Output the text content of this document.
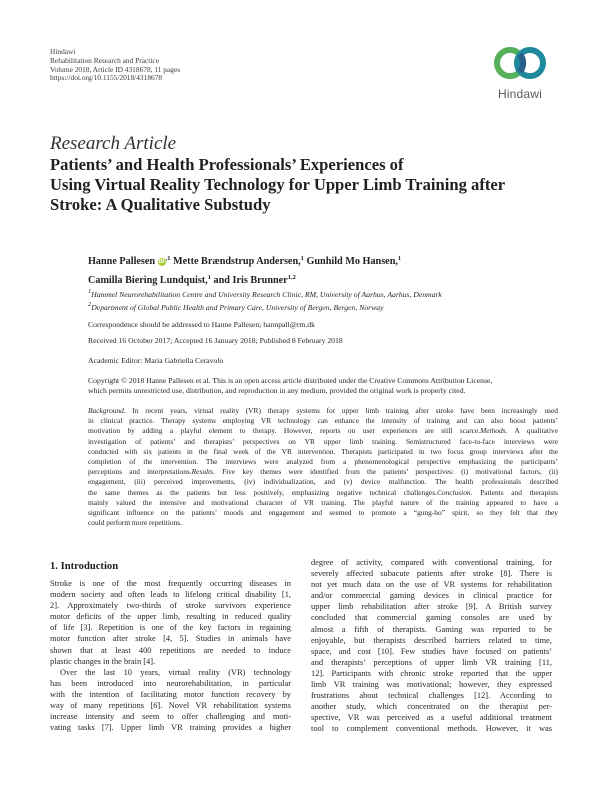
Hindawi
Rehabilitation Research and Practice
Volume 2018, Article ID 4318678, 11 pages
https://doi.org/10.1155/2018/4318678
Hindawi
Research Article
Patients’ and Health Professionals’ Experiences of
Using Virtual Reality Technology for Upper Limb Training after
Stroke: A Qualitative Substudy
Hanne Pallesen $iD^{,1}$ Mette Brændstrup Andersen,$^1$ Gunhild Mo Hansen,$^1$
Camilla Biering Lundquist,$^1$ and Iris Brunner$^{1,2}$
$^1$Hammel Neurorehabilitation Centre and University Research Clinic, RM, University of Aarhus, Aarhus, Denmark
$^2$Department of Global Public Health and Primary Care, University of Bergen, Bergen, Norway
Correspondence should be addressed to Hanne Pallesen; hannpall@rm.dk
Received 16 October 2017; Accepted 16 January 2018; Published 8 February 2018
Academic Editor: Maria Gabriella Ceravolo
Copyright © 2018 Hanne Pallesen et al. This is an open access article distributed under the Creative Commons Attribution License,
which permits unrestricted use, distribution, and reproduction in any medium, provided the original work is properly cited.
Background. In recent years, virtual reality (VR) therapy systems for upper limb training after stroke have been increasingly used
in clinical practice. Therapy systems employing VR technology can enhance the intensity of training and can also boost patients’
motivation by adding a playful element to therapy. However, reports on user experiences are still scarce.Methods. A qualitative
investigation of patients’ and therapists’ perspectives on VR upper limb training. Semistructured face-to-face interviews were
conducted with six patients in the final week of the VR intervention. Therapists participated in two focus group interviews after the
completion of the intervention. The interviews were analyzed from a phenomenological perspective emphasizing the participants’
perceptions and interpretations.Results. Five key themes were identified from the patients’ perspectives: (i) motivational factors, (ii)
engagement, (iii) perceived improvements, (iv) individualization, and (v) device malfunction. The health professionals described
the same themes as the patients but less positively, emphasizing negative technical challenges.Conclusion. Patients and therapists
mainly valued the intensive and motivational character of VR training. The playful nature of the training appeared to have a
significant influence on the patients’ moods and engagement and seemed to promote a “gung-ho” spirit, so they felt that they
could perform more repetitions.
1. Introduction
Stroke is one of the most frequently occurring diseases in
modern society and often leads to lifelong critical disability [1,
2]. Approximately two-thirds of stroke survivors experience
motor deficits of the upper limb, resulting in reduced quality
of life [3]. Repetition is one of the key factors in regaining
motor function after stroke [4, 5]. Studies in animals have
shown that at least 400 repetitions are needed to induce
plastic changes in the brain [4].
Over the last 10 years, virtual reality (VR) technology
has been introduced into neurorehabilitation, in particular
with the intention of facilitating motor function recovery by
way of many repetitions [6]. Novel VR rehabilitation systems
increase intensity and seem to offer challenging and moti-
vating tasks [7]. Upper limb VR training provides a higher
degree of activity, compared with conventional training, for
severely affected subacute patients after stroke [8]. There is
not yet much data on the use of VR systems for rehabilitation
and/or commercial gaming devices in clinical practice for
upper limb rehabilitation after stroke [9]. A British survey
concluded that commercial gaming consoles are used by
almost a fifth of therapists. Gaming was reported to be
enjoyable, but therapists described barriers related to time,
space, and cost [10]. Few studies have focused on patients’
and therapists’ perceptions of upper limb VR training [11,
12]. Participants with chronic stroke reported that the upper
limb VR training was motivational; however, they expressed
frustrations about technical challenges [12]. According to
another study, which concentrated on the therapist per-
spective, VR was perceived as a useful additional treatment
tool to complement conventional methods. However, it was
